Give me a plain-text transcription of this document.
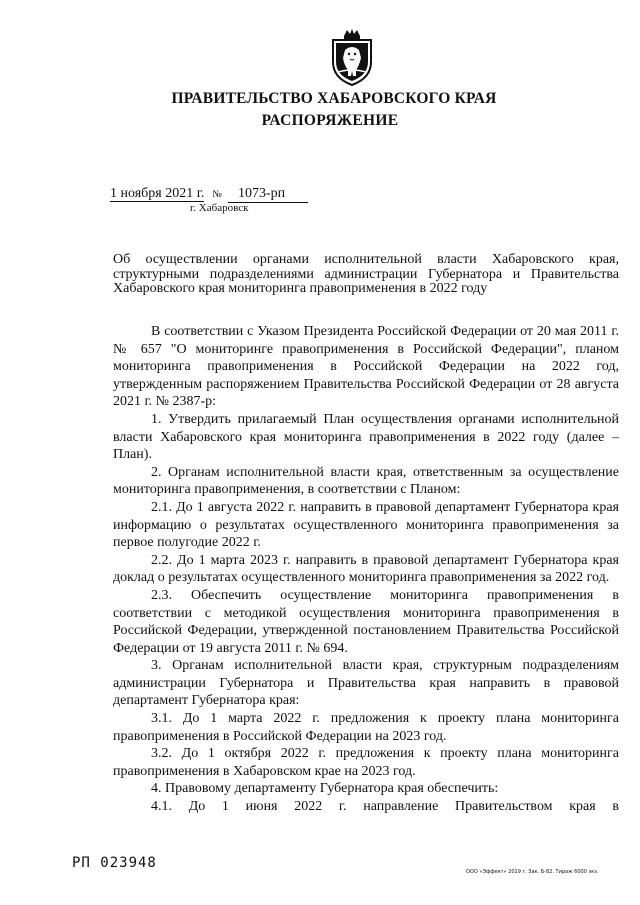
ПРАВИТЕЛЬСТВО ХАБАРОВСКОГО КРАЯ
РАСПОРЯЖЕНИЕ
1 ноября 2021 г. № 1073-рп
г. Хабаровск
Об осуществлении органами исполнительной власти Хабаровского края, структурными подразделениями администрации Губернатора и Правительства Хабаровского края мониторинга правоприменения в 2022 году

В соответствии с Указом Президента Российской Федерации от 20 мая 2011 г. № 657 "О мониторинге правоприменения в Российской Федерации", планом мониторинга правоприменения в Российской Федерации на 2022 год, утвержденным распоряжением Правительства Российской Федерации от 28 августа 2021 г. № 2387-р:

1. Утвердить прилагаемый План осуществления органами исполнительной власти Хабаровского края мониторинга правоприменения в 2022 году (далее – План).

2. Органам исполнительной власти края, ответственным за осуществление мониторинга правоприменения, в соответствии с Планом:

2.1. До 1 августа 2022 г. направить в правовой департамент Губернатора края информацию о результатах осуществленного мониторинга правоприменения за первое полугодие 2022 г.

2.2. До 1 марта 2023 г. направить в правовой департамент Губернатора края доклад о результатах осуществленного мониторинга правоприменения за 2022 год.

2.3. Обеспечить осуществление мониторинга правоприменения в соответствии с методикой осуществления мониторинга правоприменения в Российской Федерации, утвержденной постановлением Правительства Российской Федерации от 19 августа 2011 г. № 694.

3. Органам исполнительной власти края, структурным подразделениям администрации Губернатора и Правительства края направить в правовой департамент Губернатора края:

3.1. До 1 марта 2022 г. предложения к проекту плана мониторинга правоприменения в Российской Федерации на 2023 год.

3.2. До 1 октября 2022 г. предложения к проекту плана мониторинга правоприменения в Хабаровском крае на 2023 год.

4. Правовому департаменту Губернатора края обеспечить:

4.1. До 1 июня 2022 г. направление Правительством края в

РП 023948
ООО «Эффект» 2019 г. Зак. Б-82. Тираж 6000 экз.
